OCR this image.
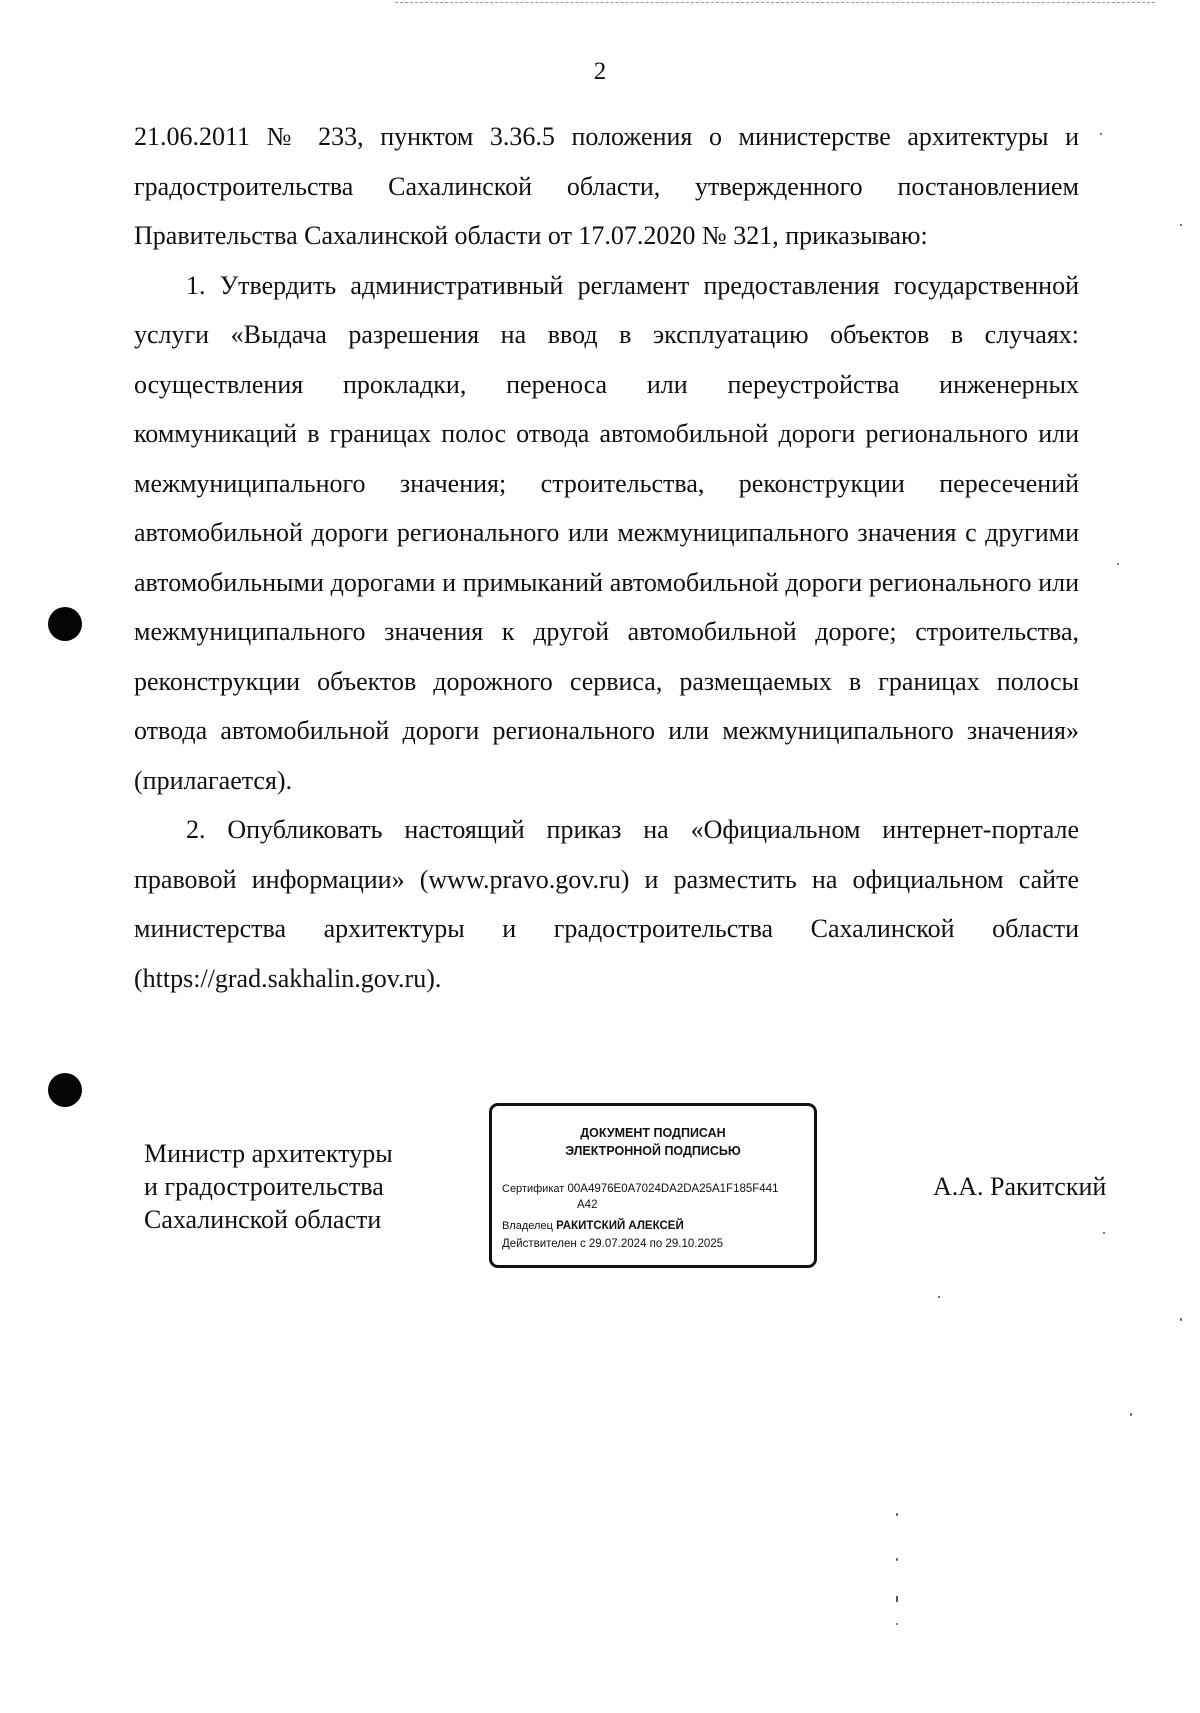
2

21.06.2011 № 233, пунктом 3.36.5 положения о министерстве архитектуры и градостроительства Сахалинской области, утвержденного постановлением Правительства Сахалинской области от 17.07.2020 № 321, приказываю:

1. Утвердить административный регламент предоставления государственной услуги «Выдача разрешения на ввод в эксплуатацию объектов в случаях: осуществления прокладки, переноса или переустройства инженерных коммуникаций в границах полос отвода автомобильной дороги регионального или межмуниципального значения; строительства, реконструкции пересечений автомобильной дороги регионального или межмуниципального значения с другими автомобильными дорогами и примыканий автомобильной дороги регионального или межмуниципального значения к другой автомобильной дороге; строительства, реконструкции объектов дорожного сервиса, размещаемых в границах полосы отвода автомобильной дороги регионального или межмуниципального значения» (прилагается).

2. Опубликовать настоящий приказ на «Официальном интернет-портале правовой информации» (www.pravo.gov.ru) и разместить на официальном сайте министерства архитектуры и градостроительства Сахалинской области (https://grad.sakhalin.gov.ru).

Министр архитектуры
и градостроительства
Сахалинской области
ДОКУМЕНТ ПОДПИСАН
ЭЛЕКТРОННОЙ ПОДПИСЬЮ
Сертификат 00A4976E0A7024DA2DA25A1F185F441
A42
Владелец РАКИТСКИЙ АЛЕКСЕЙ
Действителен с 29.07.2024 по 29.10.2025
А.А. Ракитский
